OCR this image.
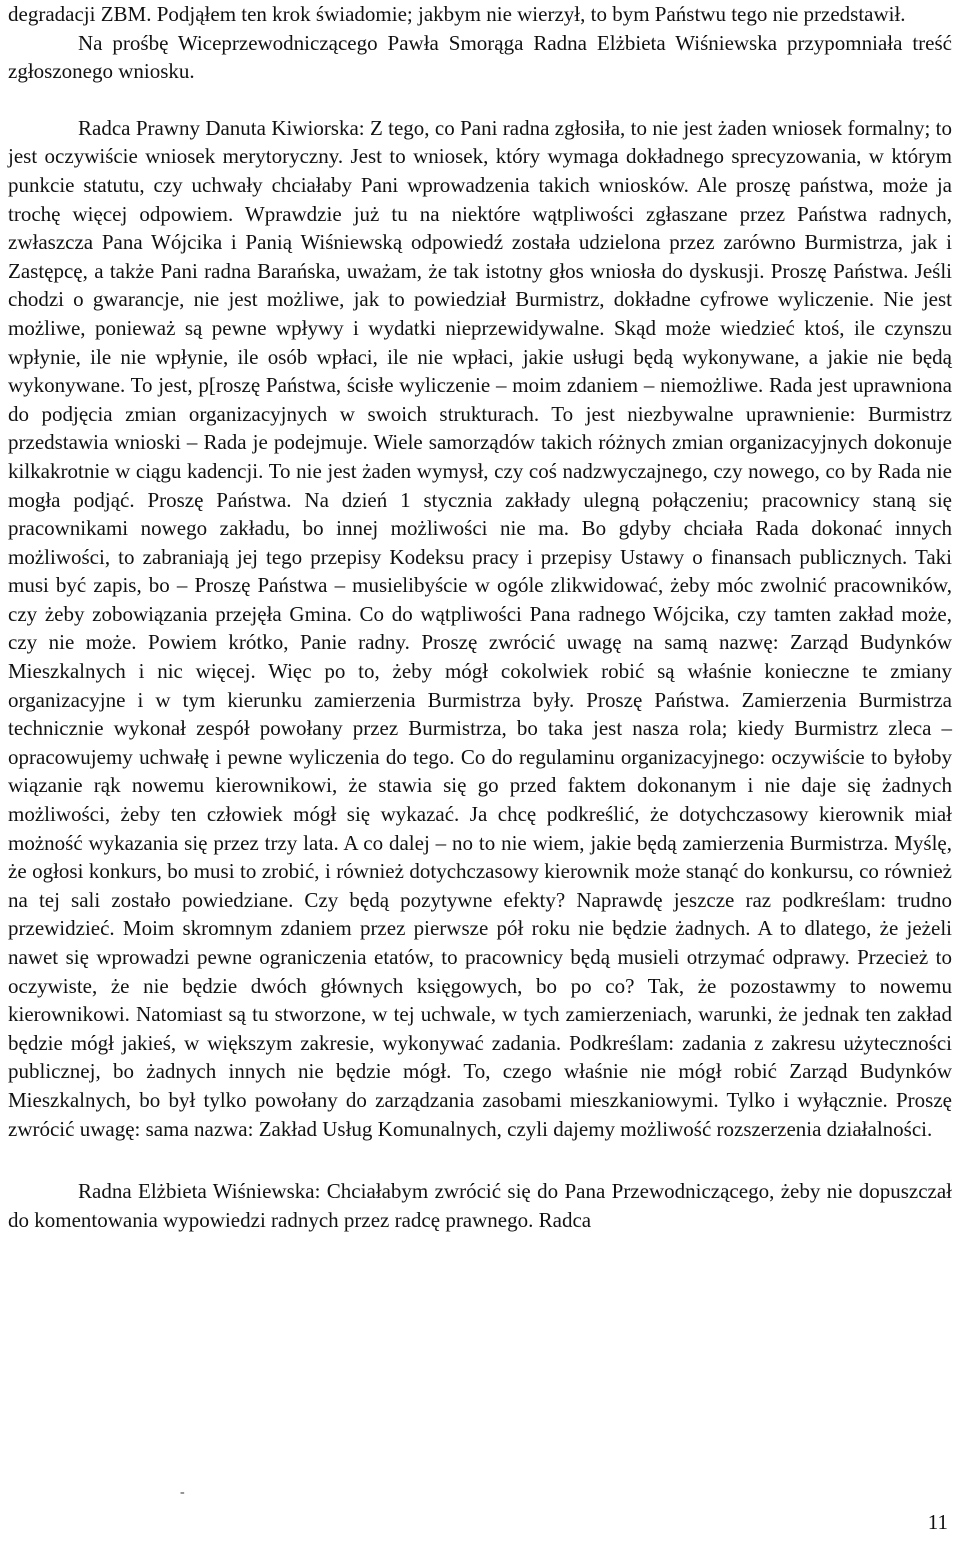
degradacji ZBM. Podjąłem ten krok świadomie; jakbym nie wierzył, to bym Państwu tego nie przedstawił.

Na prośbę Wiceprzewodniczącego Pawła Smorąga Radna Elżbieta Wiśniewska przypomniała treść zgłoszonego wniosku.

Radca Prawny Danuta Kiwiorska: Z tego, co Pani radna zgłosiła, to nie jest żaden wniosek formalny; to jest oczywiście wniosek merytoryczny. Jest to wniosek, który wymaga dokładnego sprecyzowania, w którym punkcie statutu, czy uchwały chciałaby Pani wprowadzenia takich wniosków. Ale proszę państwa, może ja trochę więcej odpowiem. Wprawdzie już tu na niektóre wątpliwości zgłaszane przez Państwa radnych, zwłaszcza Pana Wójcika i Panią Wiśniewską odpowiedź została udzielona przez zarówno Burmistrza, jak i Zastępcę, a także Pani radna Barańska, uważam, że tak istotny głos wniosła do dyskusji. Proszę Państwa. Jeśli chodzi o gwarancje, nie jest możliwe, jak to powiedział Burmistrz, dokładne cyfrowe wyliczenie. Nie jest możliwe, ponieważ są pewne wpływy i wydatki nieprzewidywalne. Skąd może wiedzieć ktoś, ile czynszu wpłynie, ile nie wpłynie, ile osób wpłaci, ile nie wpłaci, jakie usługi będą wykonywane, a jakie nie będą wykonywane. To jest, p[roszę Państwa, ścisłe wyliczenie – moim zdaniem – niemożliwe. Rada jest uprawniona do podjęcia zmian organizacyjnych w swoich strukturach. To jest niezbywalne uprawnienie: Burmistrz przedstawia wnioski – Rada je podejmuje. Wiele samorządów takich różnych zmian organizacyjnych dokonuje kilkakrotnie w ciągu kadencji. To nie jest żaden wymysł, czy coś nadzwyczajnego, czy nowego, co by Rada nie mogła podjąć. Proszę Państwa. Na dzień 1 stycznia zakłady ulegną połączeniu; pracownicy staną się pracownikami nowego zakładu, bo innej możliwości nie ma. Bo gdyby chciała Rada dokonać innych możliwości, to zabraniają jej tego przepisy Kodeksu pracy i przepisy Ustawy o finansach publicznych. Taki musi być zapis, bo – Proszę Państwa – musielibyście w ogóle zlikwidować, żeby móc zwolnić pracowników, czy żeby zobowiązania przejęła Gmina. Co do wątpliwości Pana radnego Wójcika, czy tamten zakład może, czy nie może. Powiem krótko, Panie radny. Proszę zwrócić uwagę na samą nazwę: Zarząd Budynków Mieszkalnych i nic więcej. Więc po to, żeby mógł cokolwiek robić są właśnie konieczne te zmiany organizacyjne i w tym kierunku zamierzenia Burmistrza były. Proszę Państwa. Zamierzenia Burmistrza technicznie wykonał zespół powołany przez Burmistrza, bo taka jest nasza rola; kiedy Burmistrz zleca – opracowujemy uchwałę i pewne wyliczenia do tego. Co do regulaminu organizacyjnego: oczywiście to byłoby wiązanie rąk nowemu kierownikowi, że stawia się go przed faktem dokonanym i nie daje się żadnych możliwości, żeby ten człowiek mógł się wykazać. Ja chcę podkreślić, że dotychczasowy kierownik miał możność wykazania się przez trzy lata. A co dalej – no to nie wiem, jakie będą zamierzenia Burmistrza. Myślę, że ogłosi konkurs, bo musi to zrobić, i również dotychczasowy kierownik może stanąć do konkursu, co również na tej sali zostało powiedziane. Czy będą pozytywne efekty? Naprawdę jeszcze raz podkreślam: trudno przewidzieć. Moim skromnym zdaniem przez pierwsze pół roku nie będzie żadnych. A to dlatego, że jeżeli nawet się wprowadzi pewne ograniczenia etatów, to pracownicy będą musieli otrzymać odprawy. Przecież to oczywiste, że nie będzie dwóch głównych księgowych, bo po co? Tak, że pozostawmy to nowemu kierownikowi. Natomiast są tu stworzone, w tej uchwale, w tych zamierzeniach, warunki, że jednak ten zakład będzie mógł jakieś, w większym zakresie, wykonywać zadania. Podkreślam: zadania z zakresu użyteczności publicznej, bo żadnych innych nie będzie mógł. To, czego właśnie nie mógł robić Zarząd Budynków Mieszkalnych, bo był tylko powołany do zarządzania zasobami mieszkaniowymi. Tylko i wyłącznie. Proszę zwrócić uwagę: sama nazwa: Zakład Usług Komunalnych, czyli dajemy możliwość rozszerzenia działalności.

Radna Elżbieta Wiśniewska: Chciałabym zwrócić się do Pana Przewodniczącego, żeby nie dopuszczał do komentowania wypowiedzi radnych przez radcę prawnego. Radca

-
11
